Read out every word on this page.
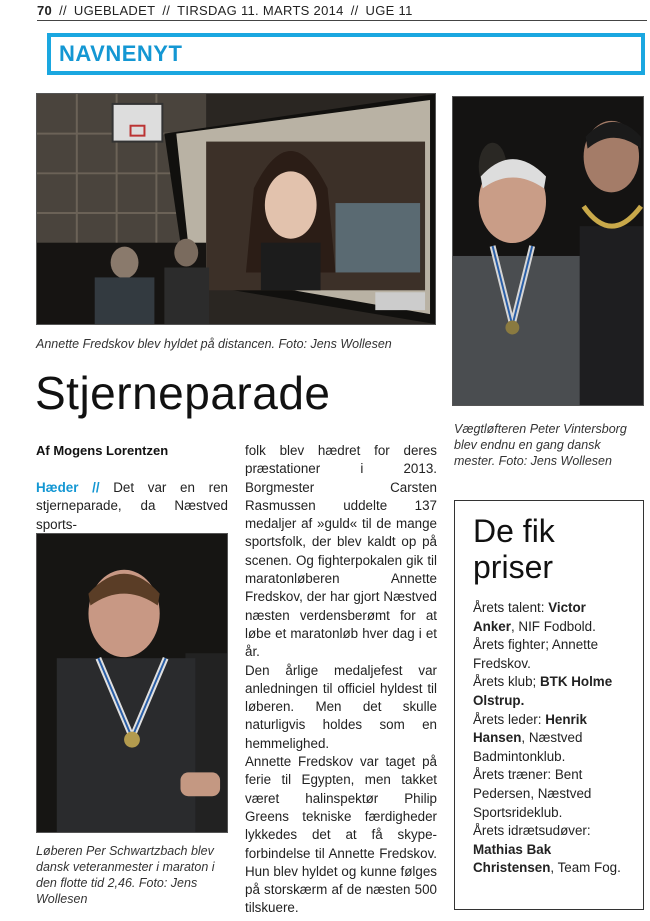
70 // UGEBLADET // TIRSDAG 11. MARTS 2014 // UGE 11
NAVNENYT
Annette Fredskov blev hyldet på distancen. Foto: Jens Wollesen
Vægtløfteren Peter Vintersborg blev endnu en gang dansk mester. Foto: Jens Wollesen
Løberen Per Schwartzbach blev dansk veteranmester i maraton i den flotte tid 2,46. Foto: Jens Wollesen
Stjerneparade
Af Mogens Lorentzen
Hæder // Det var en ren stjerneparade, da Næstved sports-

folk blev hædret for deres præstationer i 2013. Borgmester Carsten Rasmussen uddelte 137 medaljer af »guld« til de mange sportsfolk, der blev kaldt op på scenen. Og fighterpokalen gik til maratonløberen Annette Fredskov, der har gjort Næstved næsten verdensberømt for at løbe et maratonløb hver dag i et år.

Den årlige medaljefest var anledningen til officiel hyldest til løberen. Men det skulle naturligvis holdes som en hemmelighed.

Annette Fredskov var taget på ferie til Egypten, men takket været halinspektør Philip Greens tekniske færdigheder lykkedes det at få skype-forbindelse til Annette Fredskov. Hun blev hyldet og kunne følges på storskærm af de næsten 500 tilskuere.

De fik priser
Årets talent: Victor Anker, NIF Fodbold.
Årets fighter; Annette Fredskov.
Årets klub; BTK Holme Olstrup.
Årets leder: Henrik Hansen, Næstved Badmintonklub.
Årets træner: Bent Pedersen, Næstved Sportsrideklub.
Årets idrætsudøver: Mathias Bak Christensen, Team Fog.
